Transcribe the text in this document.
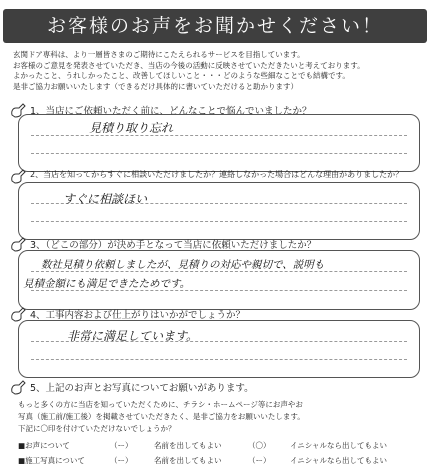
お客様のお声をお聞かせください！
玄関ドア専科は、より一層皆さまのご期待にこたえられるサービスを目指しています。
お客様のご意見を発表させていただき、当店の今後の活動に反映させていただきたいと考えております。
よかったこと、うれしかったこと、改善してほしいこと・・・どのような些細なことでも結構です。
是非ご協力お願いいたします（できるだけ具体的に書いていただけると助かります）
1、当店にご依頼いただく前に、どんなことで悩んでいましたか？
見積り取り忘れ
2、当店を知ってからすぐに相談いただけましたか？連絡しなかった場合はどんな理由がありましたか？
すぐに相談ほい
3、（どこの部分）が決め手となって当店に依頼いただけましたか？
数社見積り依頼しましたが、見積りの対応や親切で、説明も
見積金額にも満足できたためです。
4、工事内容および仕上がりはいかがでしょうか？
非常に満足しています。
5、上記のお声とお写真についてお願いがあります。
もっと多くの方に当店を知っていただくために、チラシ・ホームページ等にお声やお
写真（施工前/施工後）を掲載させていただきたく、是非ご協力をお願いいたします。
下記に〇印を付けていただけないでしょうか？
■お声について	（ー）	名前を出してもよい	（〇）	イニシャルなら出してもよい
■施工写真について	（ー）	名前を出してもよい	（ー）	イニシャルなら出してもよい
